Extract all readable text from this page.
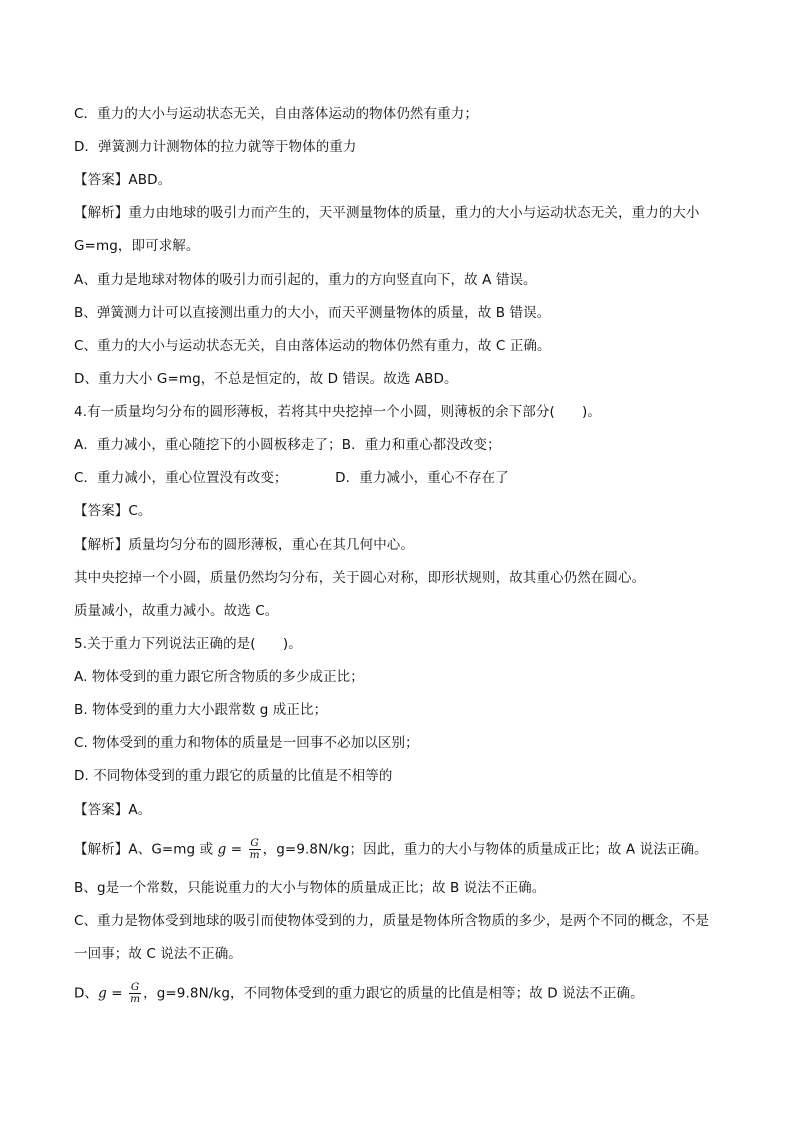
C．重力的大小与运动状态无关，自由落体运动的物体仍然有重力；
D．弹簧测力计测物体的拉力就等于物体的重力
【答案】ABD。
【解析】重力由地球的吸引力而产生的，天平测量物体的质量，重力的大小与运动状态无关，重力的大小
G=mg，即可求解。
A、重力是地球对物体的吸引力而引起的，重力的方向竖直向下，故 A 错误。
B、弹簧测力计可以直接测出重力的大小，而天平测量物体的质量，故 B 错误。
C、重力的大小与运动状态无关，自由落体运动的物体仍然有重力，故 C 正确。
D、重力大小 G=mg，不总是恒定的，故 D 错误。故选 ABD。
4.有一质量均匀分布的圆形薄板，若将其中央挖掉一个小圆，则薄板的余下部分(　　)。
A．重力减小，重心随挖下的小圆板移走了；B．重力和重心都没改变；
C．重力减小，重心位置没有改变；　　　　D．重力减小，重心不存在了
【答案】C。
【解析】质量均匀分布的圆形薄板，重心在其几何中心。
其中央挖掉一个小圆，质量仍然均匀分布，关于圆心对称，即形状规则，故其重心仍然在圆心。
质量减小，故重力减小。故选 C。
5.关于重力下列说法正确的是(　　)。
A. 物体受到的重力跟它所含物质的多少成正比；
B. 物体受到的重力大小跟常数 g 成正比；
C. 物体受到的重力和物体的质量是一回事不必加以区别；
D. 不同物体受到的重力跟它的质量的比值是不相等的
【答案】A。
【解析】A、G=mg 或 $g = \frac{G}{m}$ ，g=9.8N/kg；因此，重力的大小与物体的质量成正比；故 A 说法正确。
B、g是一个常数，只能说重力的大小与物体的质量成正比；故 B 说法不正确。
C、重力是物体受到地球的吸引而使物体受到的力，质量是物体所含物质的多少，是两个不同的概念，不是
一回事；故 C 说法不正确。
D、$g = \frac{G}{m}$ ，g=9.8N/kg，不同物体受到的重力跟它的质量的比值是相等；故 D 说法不正确。
